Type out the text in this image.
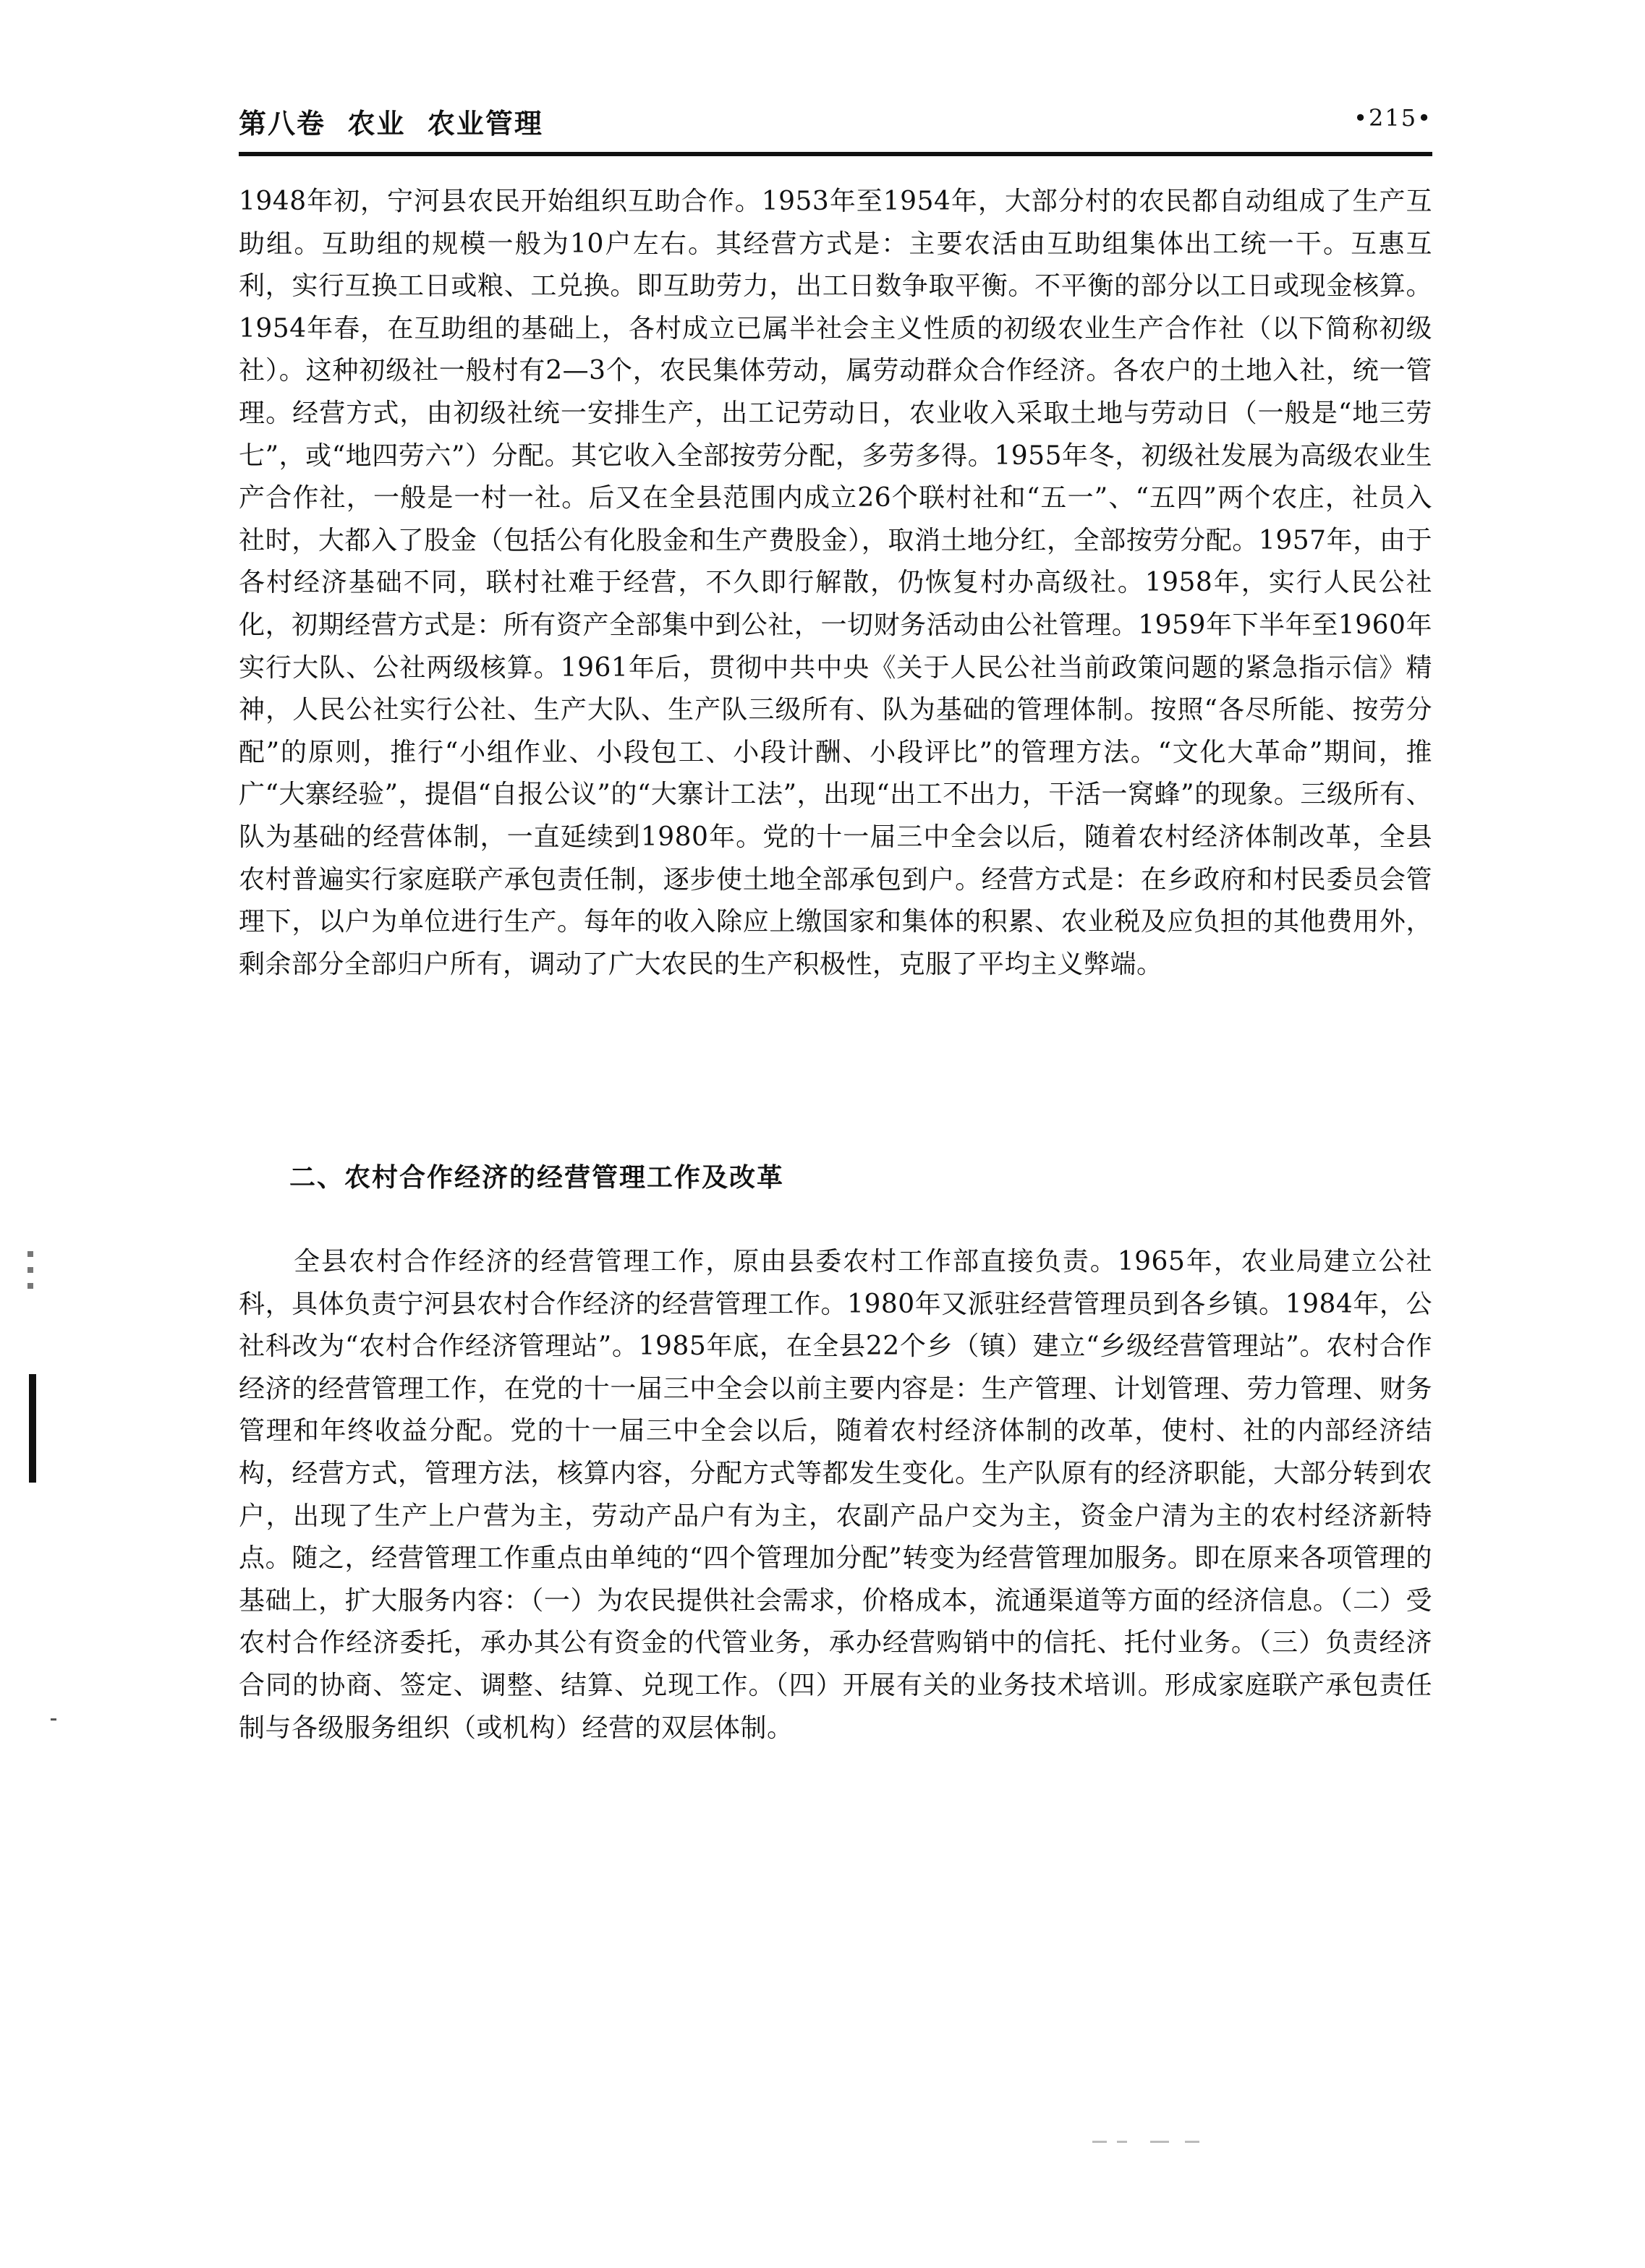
第八卷  农业  农业管理	•215•

1948年初，宁河县农民开始组织互助合作。1953年至1954年，大部分村的农民都自动组成了生产互助组。互助组的规模一般为10户左右。其经营方式是：主要农活由互助组集体出工统一干。互惠互利，实行互换工日或粮、工兑换。即互助劳力，出工日数争取平衡。不平衡的部分以工日或现金核算。1954年春，在互助组的基础上，各村成立已属半社会主义性质的初级农业生产合作社（以下简称初级社）。这种初级社一般村有2—3个，农民集体劳动，属劳动群众合作经济。各农户的土地入社，统一管理。经营方式，由初级社统一安排生产，出工记劳动日，农业收入采取土地与劳动日（一般是“地三劳七”，或“地四劳六”）分配。其它收入全部按劳分配，多劳多得。1955年冬，初级社发展为高级农业生产合作社，一般是一村一社。后又在全县范围内成立26个联村社和“五一”、“五四”两个农庄，社员入社时，大都入了股金（包括公有化股金和生产费股金），取消土地分红，全部按劳分配。1957年，由于各村经济基础不同，联村社难于经营，不久即行解散，仍恢复村办高级社。1958年，实行人民公社化，初期经营方式是：所有资产全部集中到公社，一切财务活动由公社管理。1959年下半年至1960年实行大队、公社两级核算。1961年后，贯彻中共中央《关于人民公社当前政策问题的紧急指示信》精神，人民公社实行公社、生产大队、生产队三级所有、队为基础的管理体制。按照“各尽所能、按劳分配”的原则，推行“小组作业、小段包工、小段计酬、小段评比”的管理方法。“文化大革命”期间，推广“大寨经验”，提倡“自报公议”的“大寨计工法”，出现“出工不出力，干活一窝蜂”的现象。三级所有、队为基础的经营体制，一直延续到1980年。党的十一届三中全会以后，随着农村经济体制改革，全县农村普遍实行家庭联产承包责任制，逐步使土地全部承包到户。经营方式是：在乡政府和村民委员会管理下，以户为单位进行生产。每年的收入除应上缴国家和集体的积累、农业税及应负担的其他费用外，剩余部分全部归户所有，调动了广大农民的生产积极性，克服了平均主义弊端。

二、农村合作经济的经营管理工作及改革

全县农村合作经济的经营管理工作，原由县委农村工作部直接负责。1965年，农业局建立公社科，具体负责宁河县农村合作经济的经营管理工作。1980年又派驻经营管理员到各乡镇。1984年，公社科改为“农村合作经济管理站”。1985年底，在全县22个乡（镇）建立“乡级经营管理站”。农村合作经济的经营管理工作，在党的十一届三中全会以前主要内容是：生产管理、计划管理、劳力管理、财务管理和年终收益分配。党的十一届三中全会以后，随着农村经济体制的改革，使村、社的内部经济结构，经营方式，管理方法，核算内容，分配方式等都发生变化。生产队原有的经济职能，大部分转到农户，出现了生产上户营为主，劳动产品户有为主，农副产品户交为主，资金户清为主的农村经济新特点。随之，经营管理工作重点由单纯的“四个管理加分配”转变为经营管理加服务。即在原来各项管理的基础上，扩大服务内容：（一）为农民提供社会需求，价格成本，流通渠道等方面的经济信息。（二）受农村合作经济委托，承办其公有资金的代管业务，承办经营购销中的信托、托付业务。（三）负责经济合同的协商、签定、调整、结算、兑现工作。（四）开展有关的业务技术培训。形成家庭联产承包责任制与各级服务组织（或机构）经营的双层体制。
